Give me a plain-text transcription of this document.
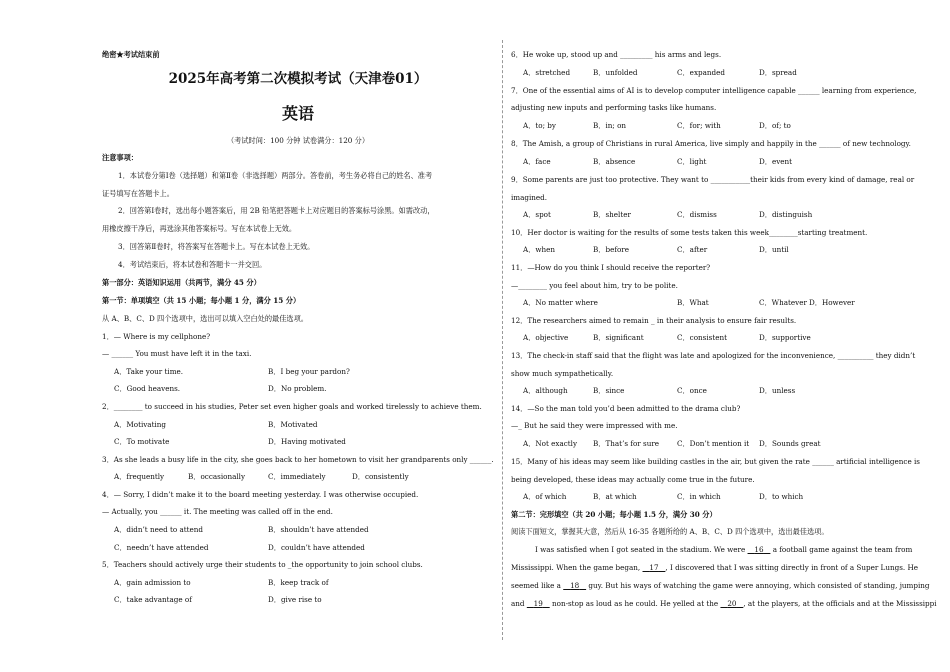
绝密★考试结束前
2025年高考第二次模拟考试（天津卷01）
英语
（考试时间：100 分钟 试卷满分：120 分）
注意事项：
1．本试卷分第Ⅰ卷（选择题）和第Ⅱ卷（非选择题）两部分。答卷前，考生务必将自己的姓名、准考
证号填写在答题卡上。
2．回答第Ⅰ卷时，选出每小题答案后，用 2B 铅笔把答题卡上对应题目的答案标号涂黑。如需改动，
用橡皮擦干净后，再选涂其他答案标号。写在本试卷上无效。
3．回答第Ⅱ卷时，将答案写在答题卡上。写在本试卷上无效。
4．考试结束后，将本试卷和答题卡一并交回。
第一部分：英语知识运用（共两节，满分 45 分）
第一节：单项填空（共 15 小题；每小题 1 分，满分 15 分）
从 A、B、C、D 四个选项中，选出可以填入空白处的最佳选项。
1．— Where is my cellphone?
— ______ You must have left it in the taxi.
A．Take your time.	B．I beg your pardon?
C．Good heavens.	D．No problem.
2．________ to succeed in his studies, Peter set even higher goals and worked tirelessly to achieve them.
A．Motivating	B．Motivated
C．To motivate	D．Having motivated
3．As she leads a busy life in the city, she goes back to her hometown to visit her grandparents only ______.
A．frequently	B．occasionally	C．immediately	D．consistently
4．— Sorry, I didn’t make it to the board meeting yesterday. I was otherwise occupied.
— Actually, you ______ it. The meeting was called off in the end.
A．didn’t need to attend	B．shouldn’t have attended
C．needn’t have attended	D．couldn’t have attended
5．Teachers should actively urge their students to _the opportunity to join school clubs.
A．gain admission to	B．keep track of
C．take advantage of	D．give rise to
6．He woke up, stood up and _________ his arms and legs.
A．stretched	B．unfolded	C．expanded	D．spread
7．One of the essential aims of AI is to develop computer intelligence capable ______ learning from experience,
adjusting new inputs and performing tasks like humans.
A．to; by	B．in; on	C．for; with	D．of; to
8．The Amish, a group of Christians in rural America, live simply and happily in the ______ of new technology.
A．face	B．absence	C．light	D．event
9．Some parents are just too protective. They want to ___________their kids from every kind of damage, real or
imagined.
A．spot	B．shelter	C．dismiss	D．distinguish
10．Her doctor is waiting for the results of some tests taken this week________starting treatment.
A．when	B．before	C．after	D．until
11．—How do you think I should receive the reporter?
—________ you feel about him, try to be polite.
A．No matter where	B．What	C．Whatever D．However
12．The researchers aimed to remain _ in their analysis to ensure fair results.
A．objective	B．significant	C．consistent	D．supportive
13．The check-in staff said that the flight was late and apologized for the inconvenience, __________ they didn’t
show much sympathetically.
A．although	B．since	C．once	D．unless
14．—So the man told you’d been admitted to the drama club?
—_ But he said they were impressed with me.
A．Not exactly B．That’s for sure C．Don’t mention it D．Sounds great
15．Many of his ideas may seem like building castles in the air, but given the rate ______ artificial intelligence is
being developed, these ideas may actually come true in the future.
A．of which	B．at which	C．in which	D．to which
第二节：完形填空（共 20 小题；每小题 1.5 分，满分 30 分）
阅读下面短文，掌握其大意，然后从 16-35 各题所给的 A、B、C、D 四个选项中，选出最佳选项。
I was satisfied when I got seated in the stadium. We were 16 a football game against the team from
Mississippi. When the game began, 17 , I discovered that I was sitting directly in front of a Super Lungs. He
seemed like a 18 guy. But his ways of watching the game were annoying, which consisted of standing, jumping
and 19 non-stop as loud as he could. He yelled at the 20 , at the players, at the officials and at the Mississippi
